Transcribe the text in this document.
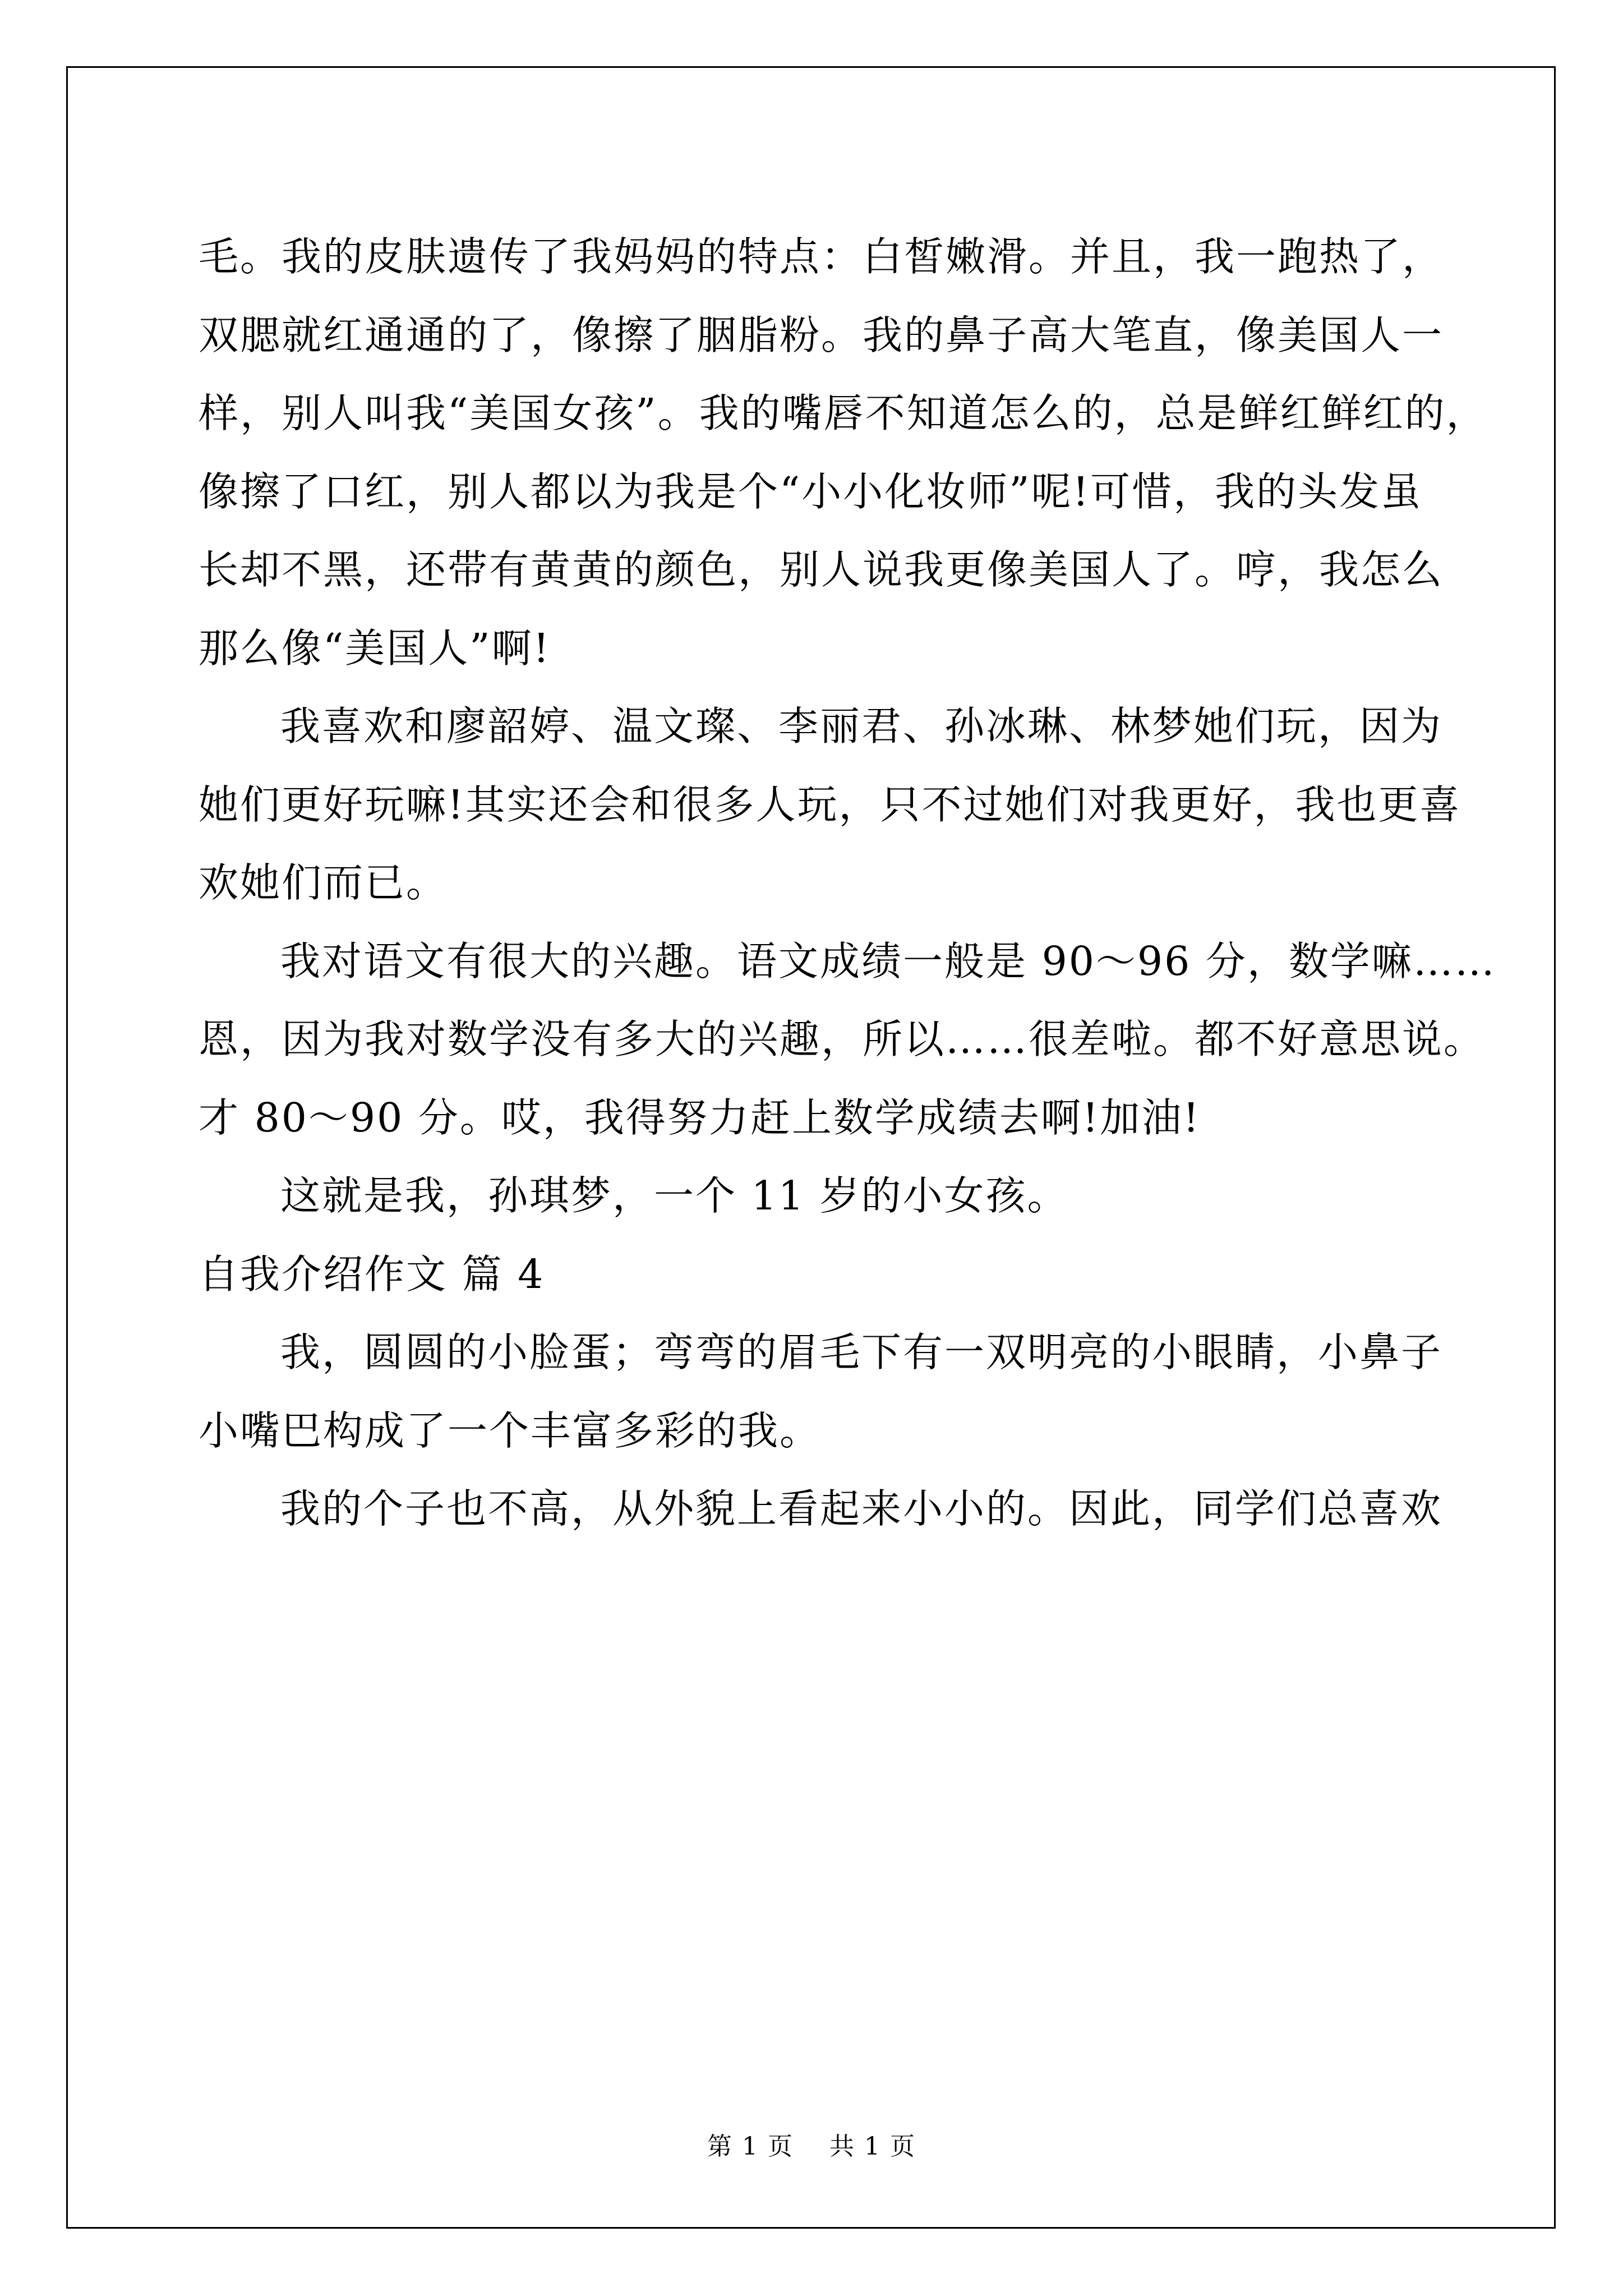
毛。我的皮肤遗传了我妈妈的特点：白皙嫩滑。并且，我一跑热了，
双腮就红通通的了，像擦了胭脂粉。我的鼻子高大笔直，像美国人一
样，别人叫我“美国女孩”。我的嘴唇不知道怎么的，总是鲜红鲜红的，
像擦了口红，别人都以为我是个“小小化妆师”呢!可惜，我的头发虽
长却不黑，还带有黄黄的颜色，别人说我更像美国人了。哼，我怎么
那么像“美国人”啊!
我喜欢和廖韶婷、温文璨、李丽君、孙冰琳、林梦她们玩，因为
她们更好玩嘛!其实还会和很多人玩，只不过她们对我更好，我也更喜
欢她们而已。
我对语文有很大的兴趣。语文成绩一般是 90～96 分，数学嘛……
恩，因为我对数学没有多大的兴趣，所以……很差啦。都不好意思说。
才 80～90 分。哎，我得努力赶上数学成绩去啊!加油!
这就是我，孙琪梦，一个 11 岁的小女孩。
自我介绍作文 篇 4
我，圆圆的小脸蛋；弯弯的眉毛下有一双明亮的小眼睛，小鼻子
小嘴巴构成了一个丰富多彩的我。
我的个子也不高，从外貌上看起来小小的。因此，同学们总喜欢
第 1 页 共 1 页
